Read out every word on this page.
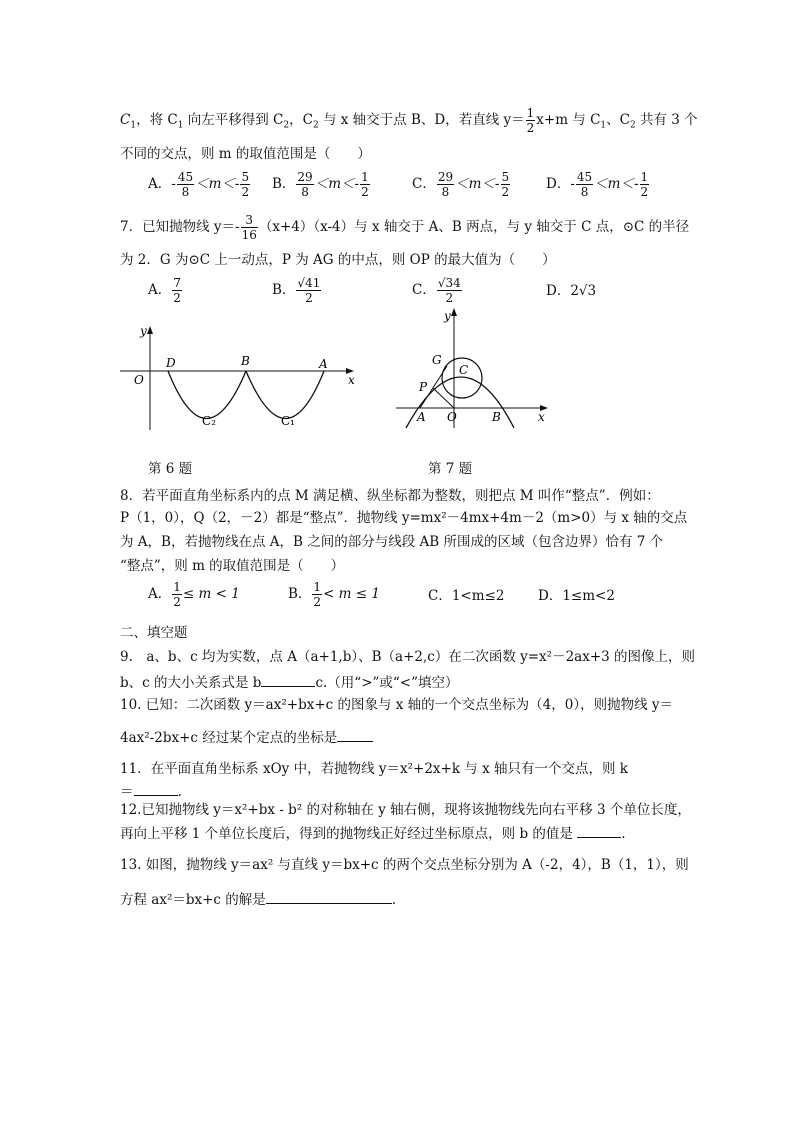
$C_1$，将 $C_1$ 向左平移得到 $C_2$，$C_2$ 与 x 轴交于点 B、D，若直线 $y= \frac{1}{2} x+m$ 与 $C_1$、$C_2$ 共有 3 个
不同的交点，则 m 的取值范围是（　　）
A．- $\frac{45}{8} <m<- \frac{5}{2}$ B． $\frac{29}{8} <m<- \frac{1}{2}$	C． $\frac{29}{8} <m<- \frac{5}{2}$	D．- $\frac{45}{8} <m<- \frac{1}{2}$
7．已知抛物线 $y=- \frac{3}{16} (x+4)(x-4)$与 x 轴交于 A、B 两点，与 y 轴交于 C 点，⊙C 的半径
为 2．G 为⊙C 上一动点，P 为 AG 的中点，则 OP 的最大值为（　　）
A． $\frac{7}{2}$	B． $\frac{√41}{2}$	C． $\frac{√34}{2}$	D．2√3
y
x
O
D	B	A
C₂	C₁
y
x
O
G
C
P
A	B
第 6 题	第 7 题
8．若平面直角坐标系内的点 M 满足横、纵坐标都为整数，则把点 M 叫作“整点”．例如：
P（1，0），Q（2，－2）都是“整点”．抛物线 y=mx²－4mx+4m－2（m>0）与 x 轴的交点
为 A，B，若抛物线在点 A，B 之间的部分与线段 AB 所围成的区域（包含边界）恰有 7 个
“整点”，则 m 的取值范围是（　　）
A． $\frac{1}{2} \le m < 1$	B． $\frac{1}{2} < m \le 1$	C．1<m≤2 D．1≤m<2
二、填空题
9.　a、b、c 均为实数，点 A（a+1,b）、B（a+2,c）在二次函数 y=x²－2ax+3 的图像上，则
b、c 的大小关系式是 b	c.（用“>”或“<”填空）
10. 已知：二次函数 y＝ax²+bx+c 的图象与 x 轴的一个交点坐标为（4，0），则抛物线 y＝
4ax²-2bx+c 经过某个定点的坐标是
11．在平面直角坐标系 xOy 中，若抛物线 y＝x²+2x+k 与 x 轴只有一个交点，则 k
＝	.
12.已知抛物线 y＝x²+bx - b² 的对称轴在 y 轴右侧，现将该抛物线先向右平移 3 个单位长度，
再向上平移 1 个单位长度后，得到的抛物线正好经过坐标原点，则 b 的值是	.
13. 如图，抛物线 y＝ax² 与直线 y＝bx+c 的两个交点坐标分别为 A（-2，4），B（1，1），则
方程 ax²＝bx+c 的解是	.
